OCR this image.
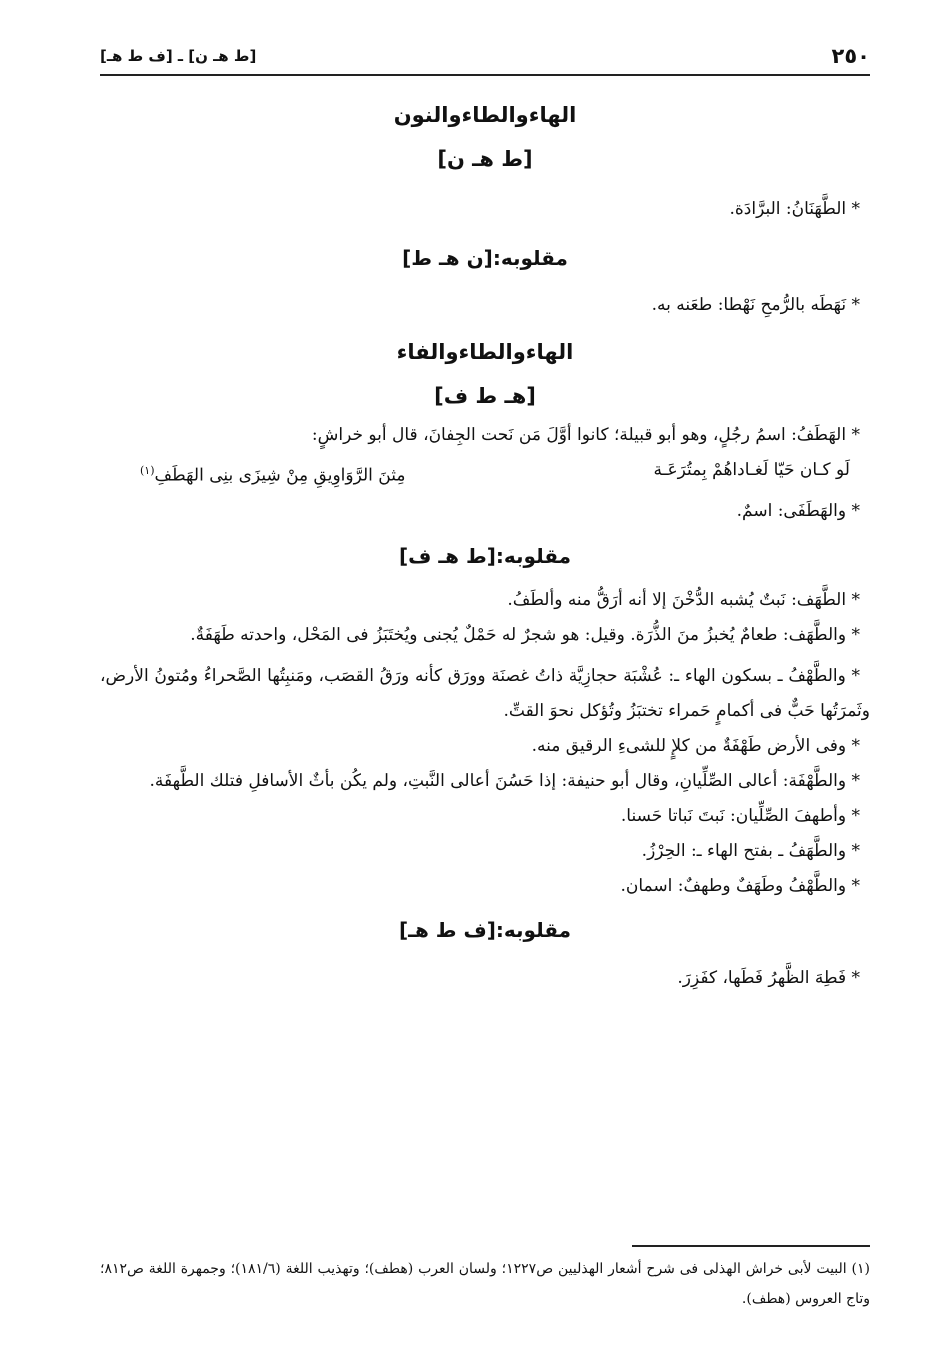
٢٥٠
[ط هـ ن] ـ [ف ط هـ]
الهاءوالطاءوالنون
[ط هـ ن]

* الطَّهَنَانُ: البرَّادَة.

مقلوبه:[ن هـ ط]

* نَهَطَه بالرُّمحِ نَهْطا: طعَنه به.

الهاءوالطاءوالفاء
[هـ ط ف]

* الهَطَفُ: اسمُ رجُلٍ، وهو أبو قبيلة؛ كانوا أوَّلَ مَن نَحت الجِفانَ، قال أبو خراشٍ:

لَو كـان حَيّا لَغـاداهُمْ بِمتُرَعَـة
مِثنَ الرَّوَاوِيقِ مِنْ شِيزَى بنِى الهَطَفِ$^{(١)}$

* والهَطَفَى: اسمٌ.

مقلوبه:[ط هـ ف]

* الطَّهَف: نَبتٌ يُشبه الدُّخْنَ إلا أنه أرَقُّ منه وألطَفُ.

* والطَّهَف: طعامٌ يُخبزُ منَ الذُّرَة. وقيل: هو شجرٌ له حَمْلٌ يُجنى ويُختَبَزُ فى المَحْل، واحدته طَهَفَةٌ.

* والطَّهْفُ ـ بسكون الهاء ـ: عُشْبَة حجازِيَّة ذاتُ غصنَة وورَق كأنه ورَقُ القصَب، ومَنبِتُها الصَّحراءُ ومُتونُ الأرض، وثَمرَتُها حَبٌّ فى أكمامٍ حَمراء تختبَزُ وتُؤكل نحوَ القتِّ.

* وفى الأرض طَهْفَةٌ من كلإٍ للشىءِ الرقيق منه.

* والطَّهْفَة: أعالى الصِّلِّيانِ، وقال أبو حنيفة: إذا حَسُنَ أعالى النَّبتِ، ولم يكُن بأثٌ الأسافلِ فتلك الطَّهفَة.

* وأطهفَ الصِّلِّيان: نَبتَ نَباتا حَسنا.

* والطَّهَفُ ـ بفتح الهاء ـ: الحِرْزُ.

* والطَّهْفُ وطَهَفٌ وطهفٌ: اسمان.

مقلوبه:[ف ط هـ]

* فَطِهَ الظَّهرُ فَطَها، كفَزِرَ.

(١) البيت لأبى خراش الهذلى فى شرح أشعار الهذليين ص١٢٢٧؛ ولسان العرب (هطف)؛ وتهذيب اللغة (١٨١/٦)؛ وجمهرة اللغة ص٨١٢؛ وتاج العروس (هطف).
